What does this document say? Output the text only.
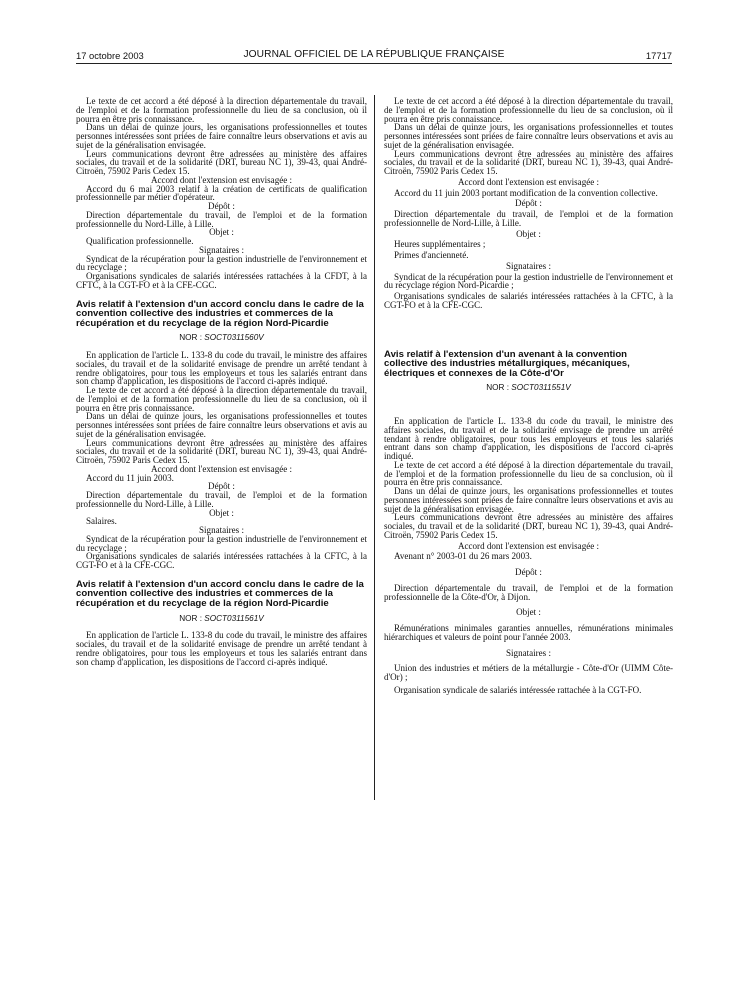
17 octobre 2003	JOURNAL OFFICIEL DE LA RÉPUBLIQUE FRANÇAISE	17717

Le texte de cet accord a été déposé à la direction départementale du travail, de l'emploi et de la formation professionnelle du lieu de sa conclusion, où il pourra en être pris connaissance.

Dans un délai de quinze jours, les organisations professionnelles et toutes personnes intéressées sont priées de faire connaître leurs observations et avis au sujet de la généralisation envisagée.

Leurs communications devront être adressées au ministère des affaires sociales, du travail et de la solidarité (DRT, bureau NC 1), 39-43, quai André-Citroën, 75902 Paris Cedex 15.

Accord dont l'extension est envisagée :

Accord du 6 mai 2003 relatif à la création de certificats de qualification professionnelle par métier d'opérateur.

Dépôt :

Direction départementale du travail, de l'emploi et de la formation professionnelle du Nord-Lille, à Lille.

Objet :

Qualification professionnelle.

Signataires :

Syndicat de la récupération pour la gestion industrielle de l'environnement et du recyclage ;

Organisations syndicales de salariés intéressées rattachées à la CFDT, à la CFTC, à la CGT-FO et à la CFE-CGC.

Avis relatif à l'extension d'un accord conclu dans le cadre de la convention collective des industries et commerces de la récupération et du recyclage de la région Nord-Picardie

NOR : SOCT0311560V

En application de l'article L. 133-8 du code du travail, le ministre des affaires sociales, du travail et de la solidarité envisage de prendre un arrêté tendant à rendre obligatoires, pour tous les employeurs et tous les salariés entrant dans son champ d'application, les dispositions de l'accord ci-après indiqué.

Le texte de cet accord a été déposé à la direction départementale du travail, de l'emploi et de la formation professionnelle du lieu de sa conclusion, où il pourra en être pris connaissance.

Dans un délai de quinze jours, les organisations professionnelles et toutes personnes intéressées sont priées de faire connaître leurs observations et avis au sujet de la généralisation envisagée.

Leurs communications devront être adressées au ministère des affaires sociales, du travail et de la solidarité (DRT, bureau NC 1), 39-43, quai André-Citroën, 75902 Paris Cedex 15.

Accord dont l'extension est envisagée :

Accord du 11 juin 2003.

Dépôt :

Direction départementale du travail, de l'emploi et de la formation professionnelle du Nord-Lille, à Lille.

Objet :

Salaires.

Signataires :

Syndicat de la récupération pour la gestion industrielle de l'environnement et du recyclage ;

Organisations syndicales de salariés intéressées rattachées à la CFTC, à la CGT-FO et à la CFE-CGC.

Avis relatif à l'extension d'un accord conclu dans le cadre de la convention collective des industries et commerces de la récupération et du recyclage de la région Nord-Picardie

NOR : SOCT0311561V

En application de l'article L. 133-8 du code du travail, le ministre des affaires sociales, du travail et de la solidarité envisage de prendre un arrêté tendant à rendre obligatoires, pour tous les employeurs et tous les salariés entrant dans son champ d'application, les dispositions de l'accord ci-après indiqué.

Le texte de cet accord a été déposé à la direction départementale du travail, de l'emploi et de la formation professionnelle du lieu de sa conclusion, où il pourra en être pris connaissance.

Dans un délai de quinze jours, les organisations professionnelles et toutes personnes intéressées sont priées de faire connaître leurs observations et avis au sujet de la généralisation envisagée.

Leurs communications devront être adressées au ministère des affaires sociales, du travail et de la solidarité (DRT, bureau NC 1), 39-43, quai André-Citroën, 75902 Paris Cedex 15.

Accord dont l'extension est envisagée :

Accord du 11 juin 2003 portant modification de la convention collective.

Dépôt :

Direction départementale du travail, de l'emploi et de la formation professionnelle de Nord-Lille, à Lille.

Objet :

Heures supplémentaires ;

Primes d'ancienneté.

Signataires :

Syndicat de la récupération pour la gestion industrielle de l'environnement et du recyclage région Nord-Picardie ;

Organisations syndicales de salariés intéressées rattachées à la CFTC, à la CGT-FO et à la CFE-CGC.

Avis relatif à l'extension d'un avenant à la convention collective des industries métallurgiques, mécaniques, électriques et connexes de la Côte-d'Or

NOR : SOCT0311551V

En application de l'article L. 133-8 du code du travail, le ministre des affaires sociales, du travail et de la solidarité envisage de prendre un arrêté tendant à rendre obligatoires, pour tous les employeurs et tous les salariés entrant dans son champ d'application, les dispositions de l'accord ci-après indiqué.

Le texte de cet accord a été déposé à la direction départementale du travail, de l'emploi et de la formation professionnelle du lieu de sa conclusion, où il pourra en être pris connaissance.

Dans un délai de quinze jours, les organisations professionnelles et toutes personnes intéressées sont priées de faire connaître leurs observations et avis au sujet de la généralisation envisagée.

Leurs communications devront être adressées au ministère des affaires sociales, du travail et de la solidarité (DRT, bureau NC 1), 39-43, quai André-Citroën, 75902 Paris Cedex 15.

Accord dont l'extension est envisagée :

Avenant n° 2003-01 du 26 mars 2003.

Dépôt :

Direction départementale du travail, de l'emploi et de la formation professionnelle de la Côte-d'Or, à Dijon.

Objet :

Rémunérations minimales garanties annuelles, rémunérations minimales hiérarchiques et valeurs de point pour l'année 2003.

Signataires :

Union des industries et métiers de la métallurgie - Côte-d'Or (UIMM Côte-d'Or) ;

Organisation syndicale de salariés intéressée rattachée à la CGT-FO.
